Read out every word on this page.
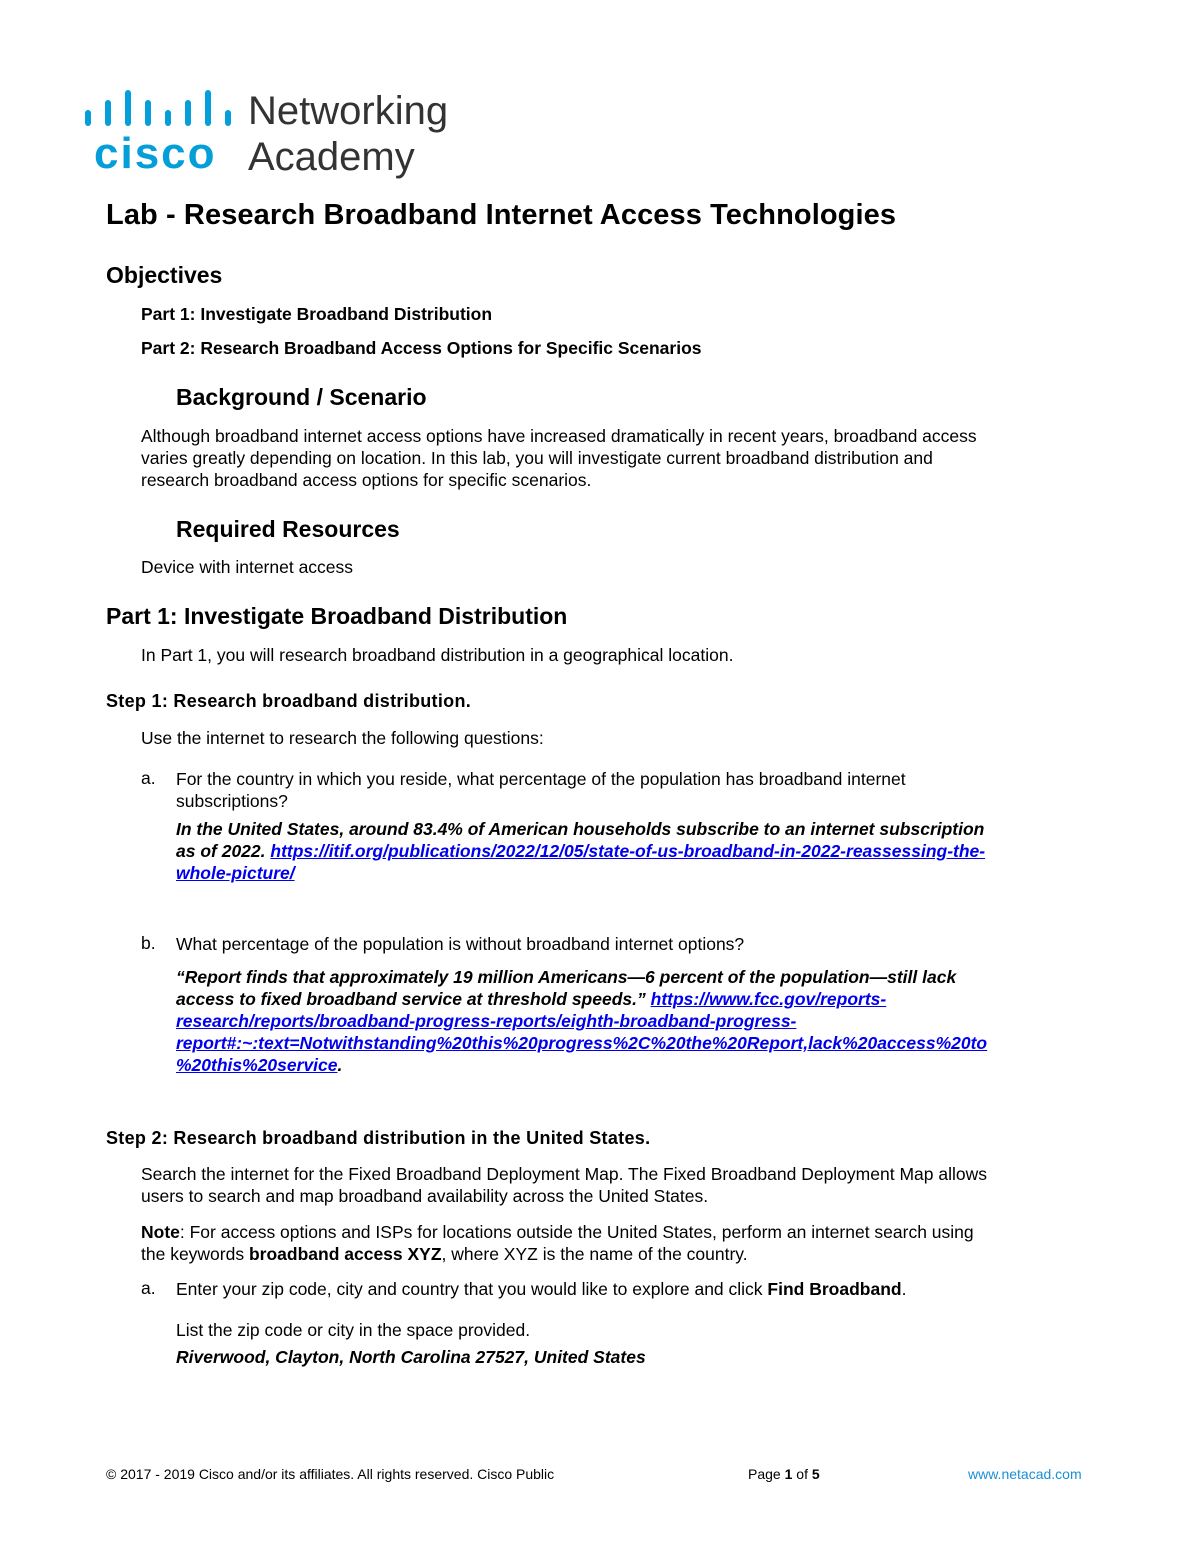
cisco
Networking
Academy
Lab - Research Broadband Internet Access Technologies
Objectives
Part 1: Investigate Broadband Distribution
Part 2: Research Broadband Access Options for Specific Scenarios
Background / Scenario
Although broadband internet access options have increased dramatically in recent years, broadband access
varies greatly depending on location. In this lab, you will investigate current broadband distribution and
research broadband access options for specific scenarios.
Required Resources
Device with internet access
Part 1: Investigate Broadband Distribution
In Part 1, you will research broadband distribution in a geographical location.
Step 1: Research broadband distribution.
Use the internet to research the following questions:
a. For the country in which you reside, what percentage of the population has broadband internet
subscriptions?
In the United States, around 83.4% of American households subscribe to an internet subscription
as of 2022. https://itif.org/publications/2022/12/05/state-of-us-broadband-in-2022-reassessing-the-
whole-picture/
b. What percentage of the population is without broadband internet options?
“Report finds that approximately 19 million Americans—6 percent of the population—still lack
access to fixed broadband service at threshold speeds.” https://www.fcc.gov/reports-
research/reports/broadband-progress-reports/eighth-broadband-progress-
report#:~:text=Notwithstanding%20this%20progress%2C%20the%20Report,lack%20access%20to
%20this%20service.
Step 2: Research broadband distribution in the United States.
Search the internet for the Fixed Broadband Deployment Map. The Fixed Broadband Deployment Map allows
users to search and map broadband availability across the United States.
Note: For access options and ISPs for locations outside the United States, perform an internet search using
the keywords broadband access XYZ, where XYZ is the name of the country.
a. Enter your zip code, city and country that you would like to explore and click Find Broadband.
List the zip code or city in the space provided.
Riverwood, Clayton, North Carolina 27527, United States
© 2017 - 2019 Cisco and/or its affiliates. All rights reserved. Cisco Public	Page 1 of 5	www.netacad.com
